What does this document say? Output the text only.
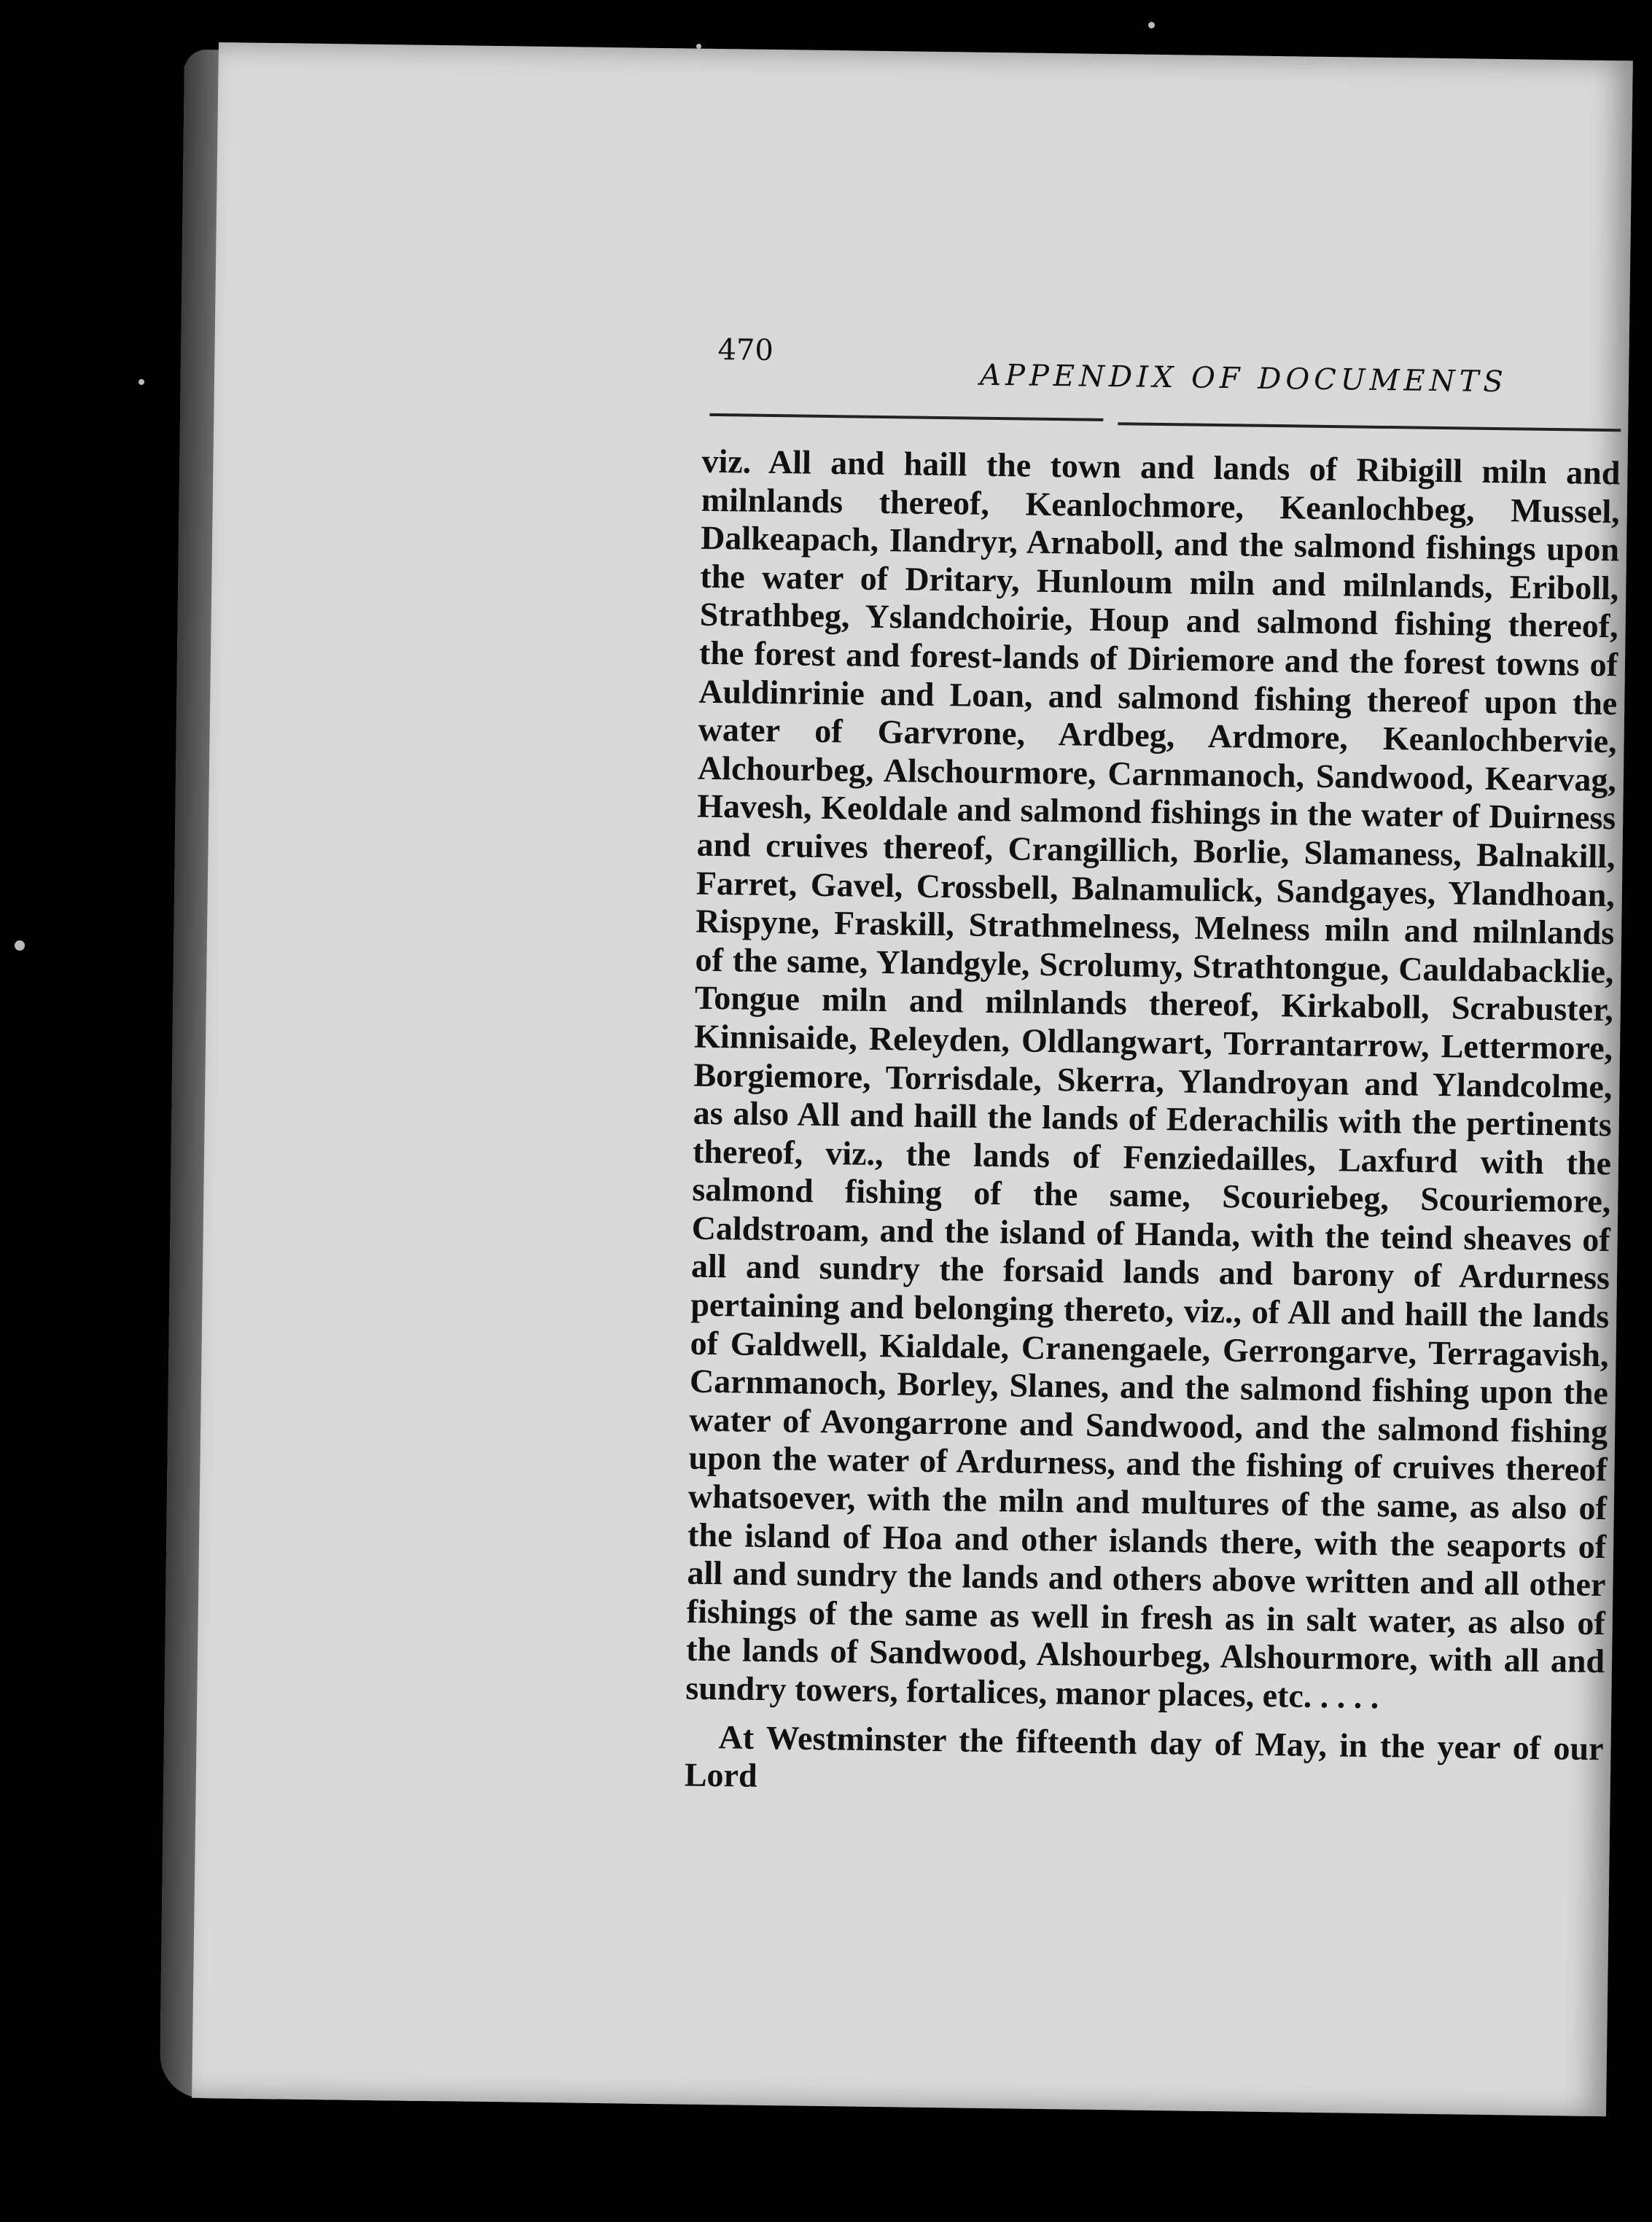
470
APPENDIX OF DOCUMENTS

viz. All and haill the town and lands of Ribigill miln and milnlands thereof, Keanlochmore, Keanlochbeg, Mussel, Dalkeapach, Ilandryr, Arnaboll, and the salmond fishings upon the water of Dritary, Hunloum miln and milnlands, Eriboll, Strathbeg, Yslandchoirie, Houp and salmond fishing thereof, the forest and forest-lands of Diriemore and the forest towns of Auldinrinie and Loan, and salmond fishing thereof upon the water of Garvrone, Ardbeg, Ardmore, Keanlochbervie, Alchourbeg, Alschourmore, Carnmanoch, Sandwood, Kearvag, Havesh, Keoldale and salmond fishings in the water of Duirness and cruives thereof, Crangillich, Borlie, Slamaness, Balnakill, Farret, Gavel, Crossbell, Balnamulick, Sandgayes, Ylandhoan, Rispyne, Fraskill, Strathmelness, Melness miln and milnlands of the same, Ylandgyle, Scrolumy, Strathtongue, Cauldabacklie, Tongue miln and milnlands thereof, Kirkaboll, Scrabuster, Kinnisaide, Releyden, Oldlangwart, Torrantarrow, Lettermore, Borgiemore, Torrisdale, Skerra, Ylandroyan and Ylandcolme, as also All and haill the lands of Ederachilis with the pertinents thereof, viz., the lands of Fenziedailles, Laxfurd with the salmond fishing of the same, Scouriebeg, Scouriemore, Caldstroam, and the island of Handa, with the teind sheaves of all and sundry the forsaid lands and barony of Ardurness pertaining and belonging thereto, viz., of All and haill the lands of Galdwell, Kialdale, Cranengaele, Gerrongarve, Terragavish, Carnmanoch, Borley, Slanes, and the salmond fishing upon the water of Avongarrone and Sandwood, and the salmond fishing upon the water of Ardurness, and the fishing of cruives thereof whatsoever, with the miln and multures of the same, as also of the island of Hoa and other islands there, with the seaports of all and sundry the lands and others above written and all other fishings of the same as well in fresh as in salt water, as also of the lands of Sandwood, Alshourbeg, Alshourmore, with all and sundry towers, fortalices, manor places, etc. . . . .

At Westminster the fifteenth day of May, in the year of our Lord
